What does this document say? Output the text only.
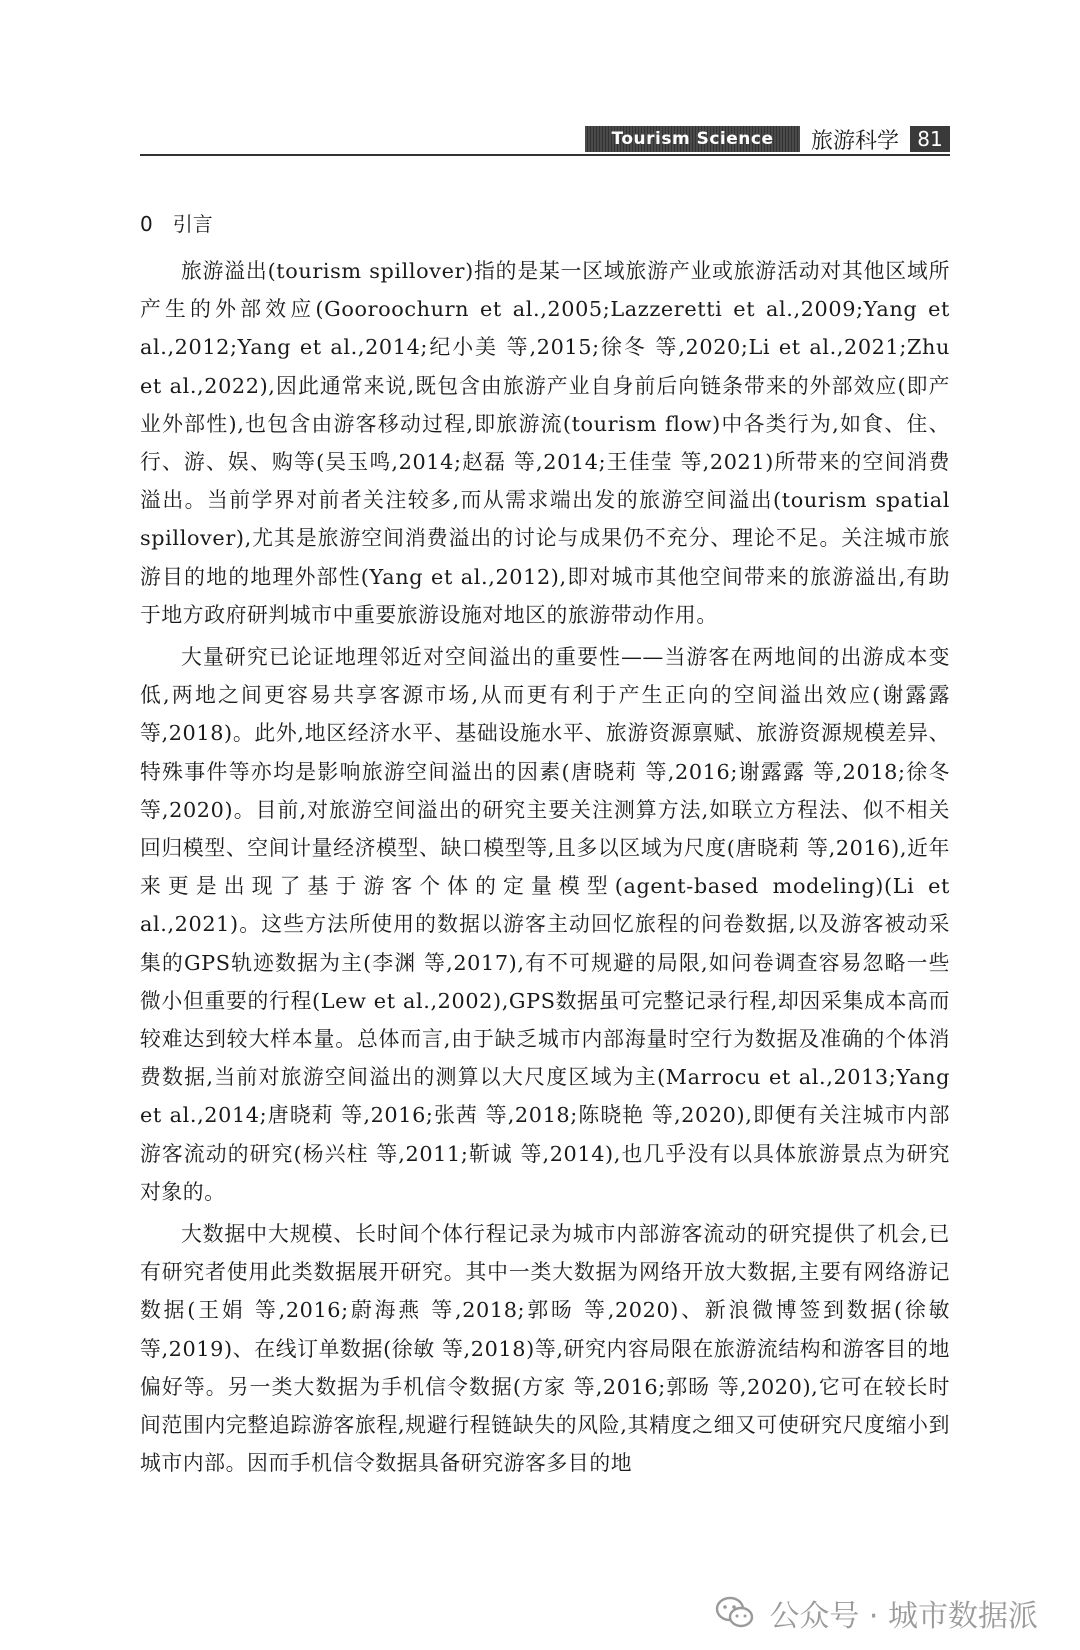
Tourism Science	旅游科学 81
0 引言

旅游溢出(tourism spillover)指的是某一区域旅游产业或旅游活动对其他区域所产生的外部效应(Gooroochurn et al.,2005;Lazzeretti et al.,2009;Yang et al.,2012;Yang et al.,2014;纪小美 等,2015;徐冬 等,2020;Li et al.,2021;Zhu et al.,2022),因此通常来说,既包含由旅游产业自身前后向链条带来的外部效应(即产业外部性),也包含由游客移动过程,即旅游流(tourism flow)中各类行为,如食、住、行、游、娱、购等(吴玉鸣,2014;赵磊 等,2014;王佳莹 等,2021)所带来的空间消费溢出。当前学界对前者关注较多,而从需求端出发的旅游空间溢出(tourism spatial spillover),尤其是旅游空间消费溢出的讨论与成果仍不充分、理论不足。关注城市旅游目的地的地理外部性(Yang et al.,2012),即对城市其他空间带来的旅游溢出,有助于地方政府研判城市中重要旅游设施对地区的旅游带动作用。

大量研究已论证地理邻近对空间溢出的重要性——当游客在两地间的出游成本变低,两地之间更容易共享客源市场,从而更有利于产生正向的空间溢出效应(谢露露 等,2018)。此外,地区经济水平、基础设施水平、旅游资源禀赋、旅游资源规模差异、特殊事件等亦均是影响旅游空间溢出的因素(唐晓莉 等,2016;谢露露 等,2018;徐冬 等,2020)。目前,对旅游空间溢出的研究主要关注测算方法,如联立方程法、似不相关回归模型、空间计量经济模型、缺口模型等,且多以区域为尺度(唐晓莉 等,2016),近年来更是出现了基于游客个体的定量模型(agent-based modeling)(Li et al.,2021)。这些方法所使用的数据以游客主动回忆旅程的问卷数据,以及游客被动采集的GPS轨迹数据为主(李渊 等,2017),有不可规避的局限,如问卷调查容易忽略一些微小但重要的行程(Lew et al.,2002),GPS数据虽可完整记录行程,却因采集成本高而较难达到较大样本量。总体而言,由于缺乏城市内部海量时空行为数据及准确的个体消费数据,当前对旅游空间溢出的测算以大尺度区域为主(Marrocu et al.,2013;Yang et al.,2014;唐晓莉 等,2016;张茜 等,2018;陈晓艳 等,2020),即便有关注城市内部游客流动的研究(杨兴柱 等,2011;靳诚 等,2014),也几乎没有以具体旅游景点为研究对象的。

大数据中大规模、长时间个体行程记录为城市内部游客流动的研究提供了机会,已有研究者使用此类数据展开研究。其中一类大数据为网络开放大数据,主要有网络游记数据(王娟 等,2016;蔚海燕 等,2018;郭旸 等,2020)、新浪微博签到数据(徐敏 等,2019)、在线订单数据(徐敏 等,2018)等,研究内容局限在旅游流结构和游客目的地偏好等。另一类大数据为手机信令数据(方家 等,2016;郭旸 等,2020),它可在较长时间范围内完整追踪游客旅程,规避行程链缺失的风险,其精度之细又可使研究尺度缩小到城市内部。因而手机信令数据具备研究游客多目的地

公众号 · 城市数据派
